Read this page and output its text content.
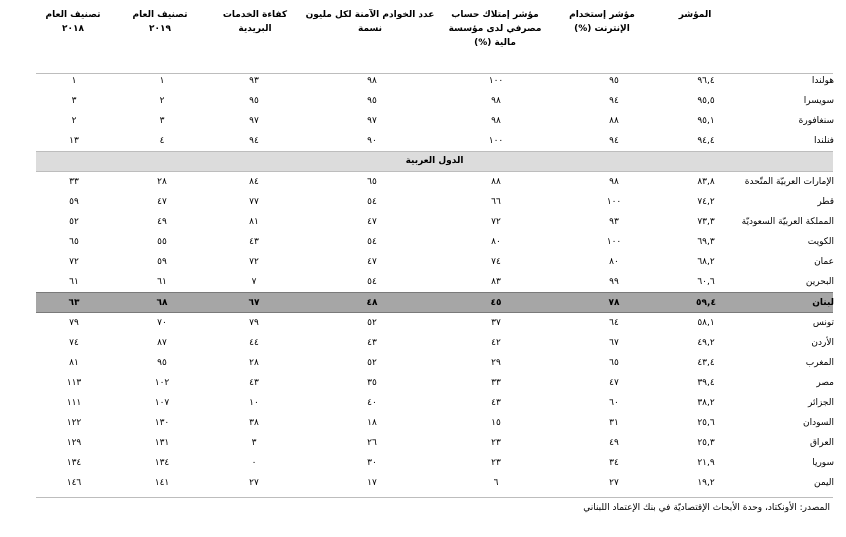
المؤشر
مؤشر إستخدام
الإنترنت (%)
مؤشر إمتلاك حساب
مصرفي لدى مؤسسة
مالية (%)
عدد الخوادم الآمنة لكل مليون
نسمة
كفاءة الخدمات
البريدية
تصنيف العام
٢٠١٩
تصنيف العام
٢٠١٨
هولندا
٩٦,٤
٩٥
١٠٠
٩٨
٩٣
١
١
سويسرا
٩٥,٥
٩٤
٩٨
٩٥
٩٥
٢
٣
سنغافورة
٩٥,١
٨٨
٩٨
٩٧
٩٧
٣
٢
فنلندا
٩٤,٤
٩٤
١٠٠
٩٠
٩٤
٤
١٣
الدول العربية
الإمارات العربيّة المتّحدة
٨٣,٨
٩٨
٨٨
٦٥
٨٤
٢٨
٣٣
قطر
٧٤,٢
١٠٠
٦٦
٥٤
٧٧
٤٧
٥٩
المملكة العربيّة السعوديّة
٧٣,٣
٩٣
٧٢
٤٧
٨١
٤٩
٥٢
الكويت
٦٩,٣
١٠٠
٨٠
٥٤
٤٣
٥٥
٦٥
عمان
٦٨,٢
٨٠
٧٤
٤٧
٧٢
٥٩
٧٢
البحرين
٦٠,٦
٩٩
٨٣
٥٤
٧
٦١
٦١
لبنان
٥٩,٤
٧٨
٤٥
٤٨
٦٧
٦٨
٦٣
تونس
٥٨,١
٦٤
٣٧
٥٢
٧٩
٧٠
٧٩
الأردن
٤٩,٢
٦٧
٤٢
٤٣
٤٤
٨٧
٧٤
المغرب
٤٣,٤
٦٥
٢٩
٥٢
٢٨
٩٥
٨١
مصر
٣٩,٤
٤٧
٣٣
٣٥
٤٣
١٠٢
١١٣
الجزائر
٣٨,٢
٦٠
٤٣
٤٠
١٠
١٠٧
١١١
السودان
٢٥,٦
٣١
١٥
١٨
٣٨
١٣٠
١٢٢
العراق
٢٥,٣
٤٩
٢٣
٢٦
٣
١٣١
١٢٩
سوريا
٢١,٩
٣٤
٢٣
٣٠
٠
١٣٤
١٣٤
اليمن
١٩,٢
٢٧
٦
١٧
٢٧
١٤١
١٤٦
المصدر: الأونكتاد، وحدة الأبحاث الإقتصاديّة في بنك الإعتماد اللبناني
